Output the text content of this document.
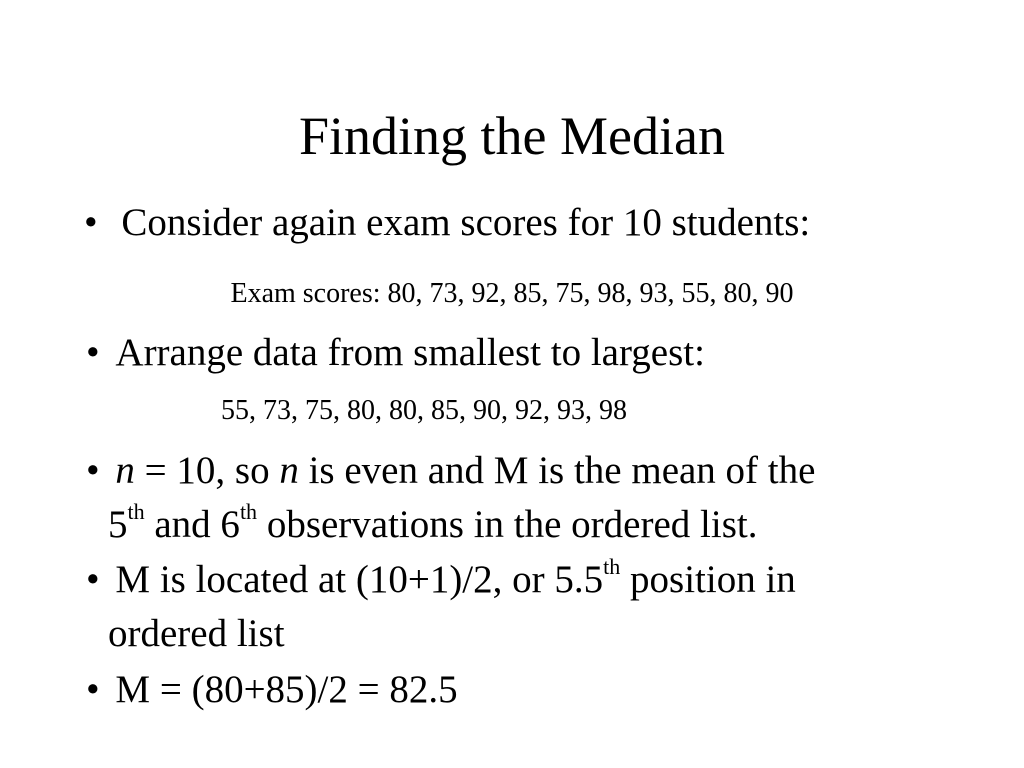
Finding the Median
• Consider again exam scores for 10 students:
Exam scores: 80, 73, 92, 85, 75, 98, 93, 55, 80, 90
• Arrange data from smallest to largest:
55, 73, 75, 80, 80, 85, 90, 92, 93, 98
• n = 10, so n is even and M is the mean of the
5th and 6th observations in the ordered list.
• M is located at (10+1)/2, or 5.5th position in
ordered list
• M = (80+85)/2 = 82.5
